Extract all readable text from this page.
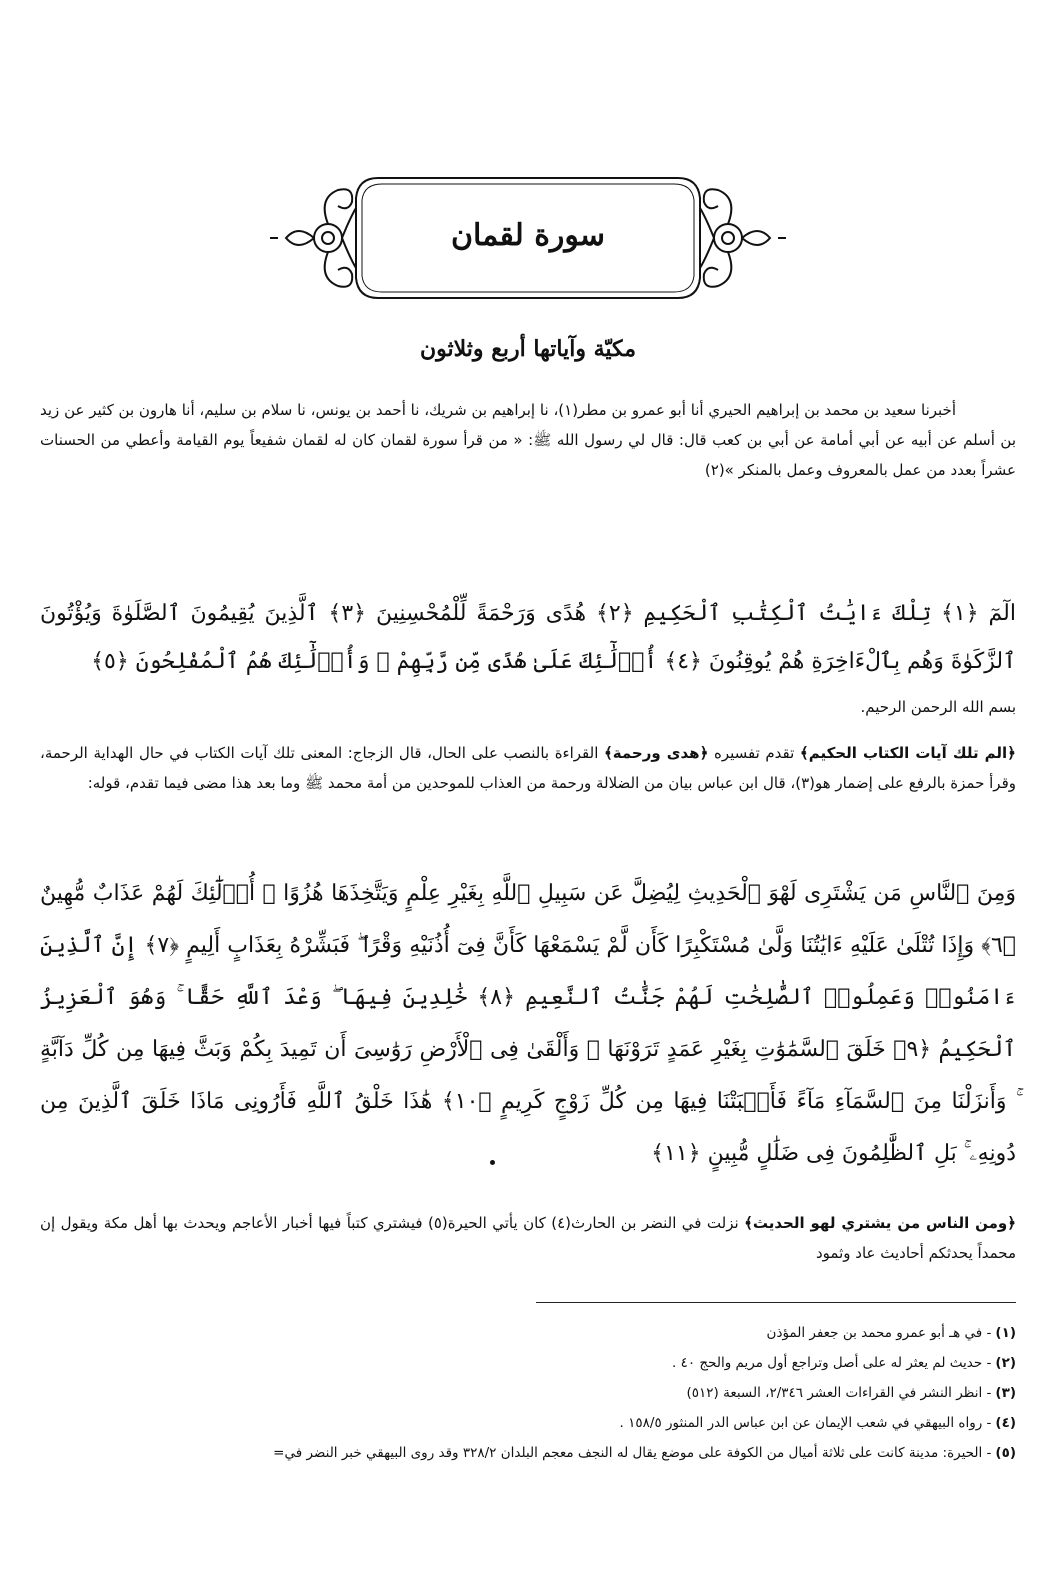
سورة لقمان
مكيّة وآياتها أربع وثلاثون

أخبرنا سعيد بن محمد بن إبراهيم الحيري أنا أبو عمرو بن مطر(١)، نا إبراهيم بن شريك، نا أحمد بن يونس، نا سلام بن سليم، أنا هارون بن كثير عن زيد بن أسلم عن أبيه عن أبي أمامة عن أبي بن كعب قال: قال لي رسول الله ﷺ: « من قرأ سورة لقمان كان له لقمان شفيعاً يوم القيامة وأعطي من الحسنات عشراً بعدد من عمل بالمعروف وعمل بالمنكر »(٢)

الٓمٓ ﴿١﴾ تِلْكَ ءَايَٰتُ ٱلْكِتَٰبِ ٱلْحَكِيمِ ﴿٢﴾ هُدًى وَرَحْمَةً لِّلْمُحْسِنِينَ ﴿٣﴾ ٱلَّذِينَ يُقِيمُونَ ٱلصَّلَوٰةَ وَيُؤْتُونَ ٱلزَّكَوٰةَ وَهُم بِٱلْءَاخِرَةِ هُمْ يُوقِنُونَ ﴿٤﴾ أُو۟لَٰٓئِكَ عَلَىٰ هُدًى مِّن رَّبِّهِمْ ۖ وَأُو۟لَٰٓئِكَ هُمُ ٱلْمُفْلِحُونَ ﴿٥﴾

بسم الله الرحمن الرحيم.

﴿الم تلك آيات الكتاب الحكيم﴾ تقدم تفسيره ﴿هدى ورحمة﴾ القراءة بالنصب على الحال، قال الزجاج: المعنى تلك آيات الكتاب في حال الهداية الرحمة، وقرأ حمزة بالرفع على إضمار هو(٣)، قال ابن عباس بيان من الضلالة ورحمة من العذاب للموحدين من أمة محمد ﷺ وما بعد هذا مضى فيما تقدم، قوله:

وَمِنَ ٱلنَّاسِ مَن يَشْتَرِى لَهْوَ ٱلْحَدِيثِ لِيُضِلَّ عَن سَبِيلِ ٱللَّهِ بِغَيْرِ عِلْمٍ وَيَتَّخِذَهَا هُزُوًا ۚ أُو۟لَٰٓئِكَ لَهُمْ عَذَابٌ مُّهِينٌ ﴿٦﴾ وَإِذَا تُتْلَىٰ عَلَيْهِ ءَايَٰتُنَا وَلَّىٰ مُسْتَكْبِرًا كَأَن لَّمْ يَسْمَعْهَا كَأَنَّ فِىٓ أُذُنَيْهِ وَقْرًا ۖ فَبَشِّرْهُ بِعَذَابٍ أَلِيمٍ ﴿٧﴾ إِنَّ ٱلَّذِينَ ءَامَنُوا۟ وَعَمِلُوا۟ ٱلصَّٰلِحَٰتِ لَهُمْ جَنَّٰتُ ٱلنَّعِيمِ ﴿٨﴾ خَٰلِدِينَ فِيهَا ۖ وَعْدَ ٱللَّهِ حَقًّا ۚ وَهُوَ ٱلْعَزِيزُ ٱلْحَكِيمُ ﴿٩﴾ خَلَقَ ٱلسَّمَٰوَٰتِ بِغَيْرِ عَمَدٍ تَرَوْنَهَا ۖ وَأَلْقَىٰ فِى ٱلْأَرْضِ رَوَٰسِىَ أَن تَمِيدَ بِكُمْ وَبَثَّ فِيهَا مِن كُلِّ دَآبَّةٍ ۚ وَأَنزَلْنَا مِنَ ٱلسَّمَآءِ مَآءً فَأَنۢبَتْنَا فِيهَا مِن كُلِّ زَوْجٍ كَرِيمٍ ﴿١٠﴾ هَٰذَا خَلْقُ ٱللَّهِ فَأَرُونِى مَاذَا خَلَقَ ٱلَّذِينَ مِن دُونِهِۦ ۚ بَلِ ٱلظَّٰلِمُونَ فِى ضَلَٰلٍ مُّبِينٍ ﴿١١﴾

﴿ومن الناس من يشتري لهو الحديث﴾ نزلت في النضر بن الحارث(٤) كان يأتي الحيرة(٥) فيشتري كتباً فيها أخبار الأعاجم ويحدث بها أهل مكة ويقول إن محمداً يحدثكم أحاديث عاد وثمود

(١)- في هـ أبو عمرو محمد بن جعفر المؤذن
(٢)- حديث لم يعثر له على أصل وتراجع أول مريم والحج ٤٠ .
(٣)- انظر النشر في القراءات العشر ٢/٣٤٦، السبعة (٥١٢)
(٤)- رواه البيهقي في شعب الإيمان عن ابن عباس الدر المنثور ١٥٨/٥ .
(٥)- الحيرة: مدينة كانت على ثلاثة أميال من الكوفة على موضع يقال له النجف معجم البلدان ٣٢٨/٢ وقد روى البيهقي خبر النضر في=
